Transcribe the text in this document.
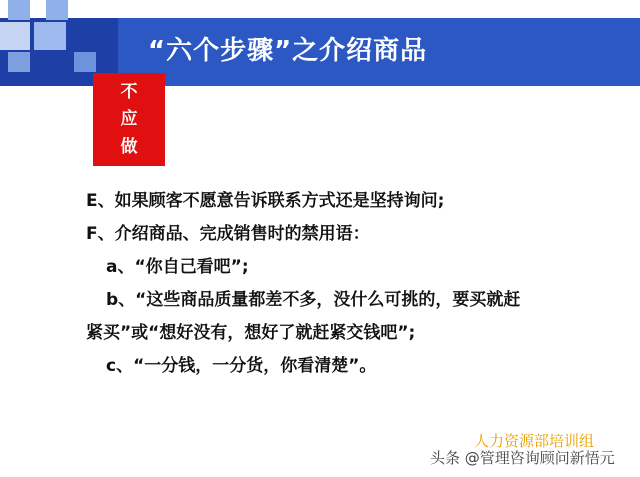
“六个步骤”之介绍商品
不
应
做
E、如果顾客不愿意告诉联系方式还是坚持询问;
F、介绍商品、完成销售时的禁用语：
a、“你自己看吧”;
b、“这些商品质量都差不多，没什么可挑的，要买就赶
紧买”或“想好没有，想好了就赶紧交钱吧”;
c、“一分钱，一分货，你看清楚”。
人力资源部培训组
头条 @管理咨询顾问新悟元
